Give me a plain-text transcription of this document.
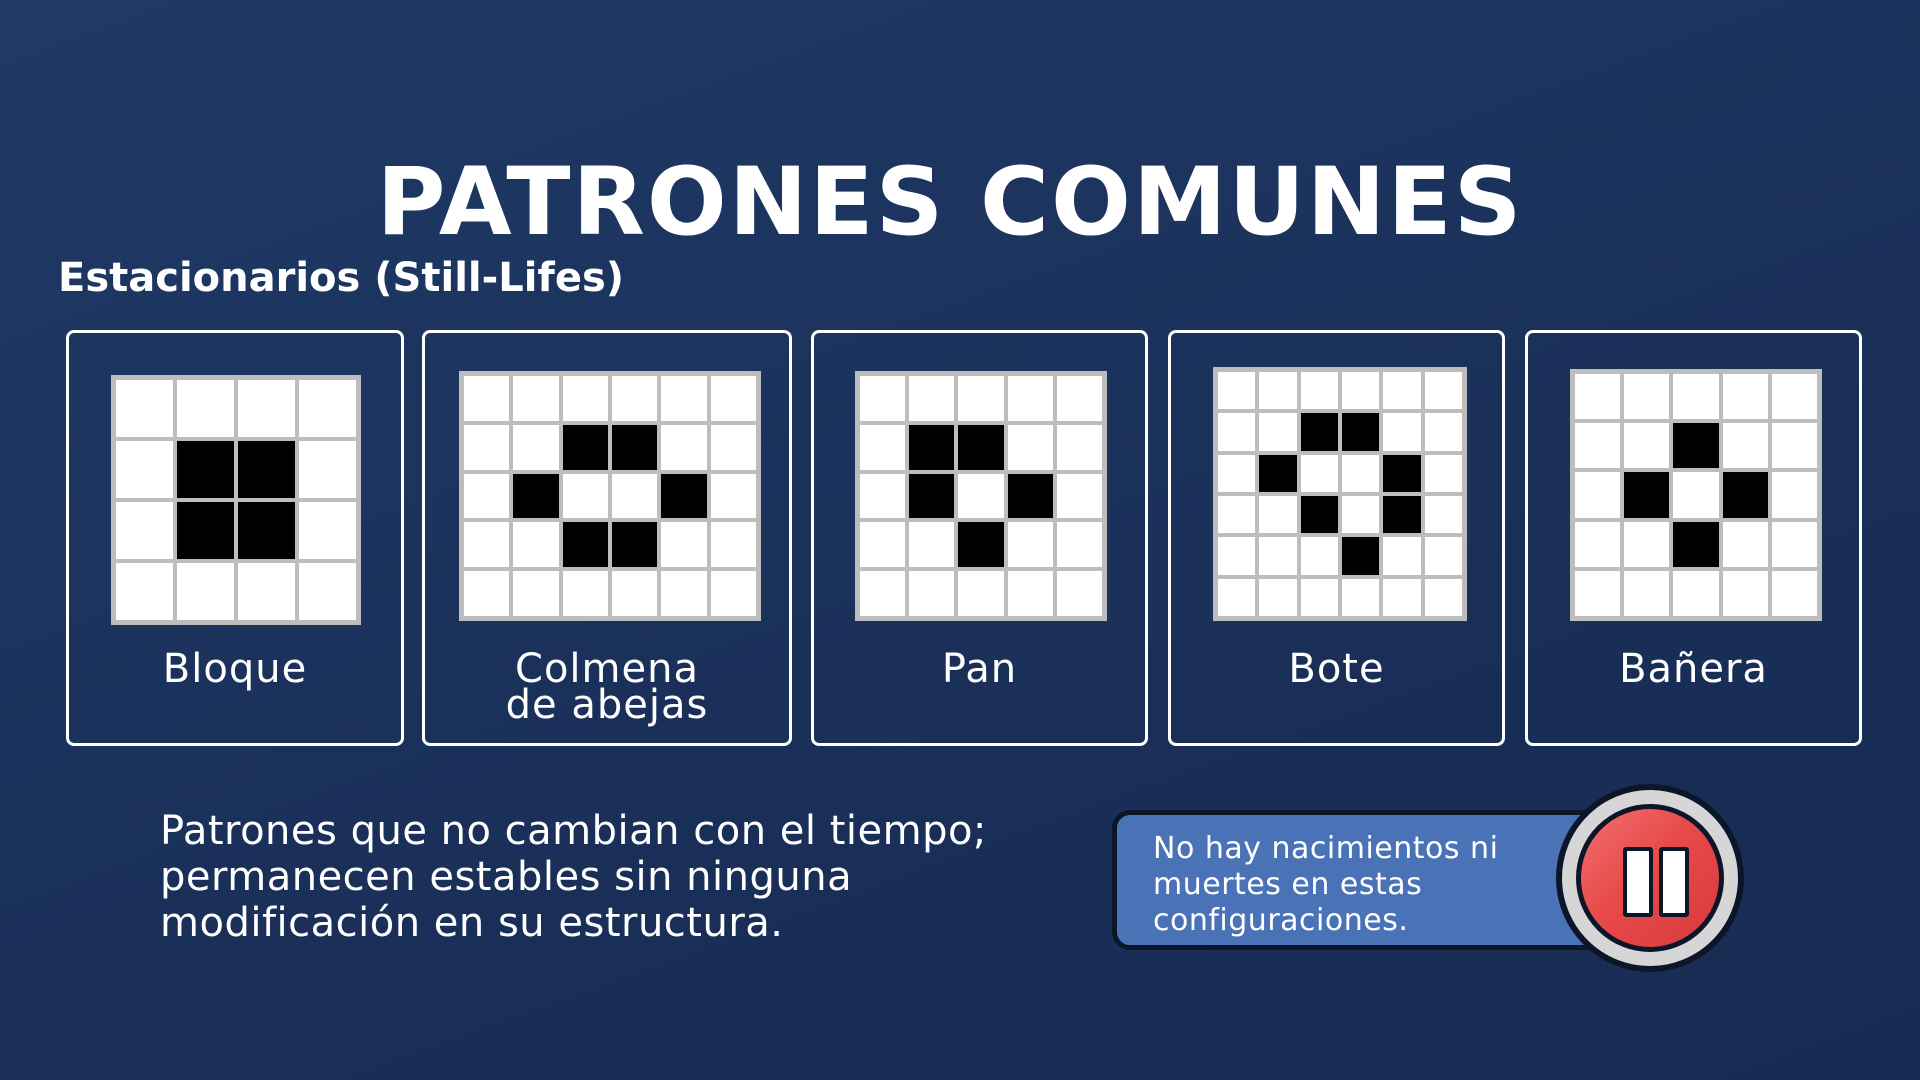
PATRONES COMUNES
Estacionarios (Still-Lifes)
Bloque	Colmena
de abejas
Pan	Bote	Bañera
Patrones que no cambian con el tiempo;
permanecen estables sin ninguna
modificación en su estructura.
No hay nacimientos ni
muertes en estas
configuraciones.
